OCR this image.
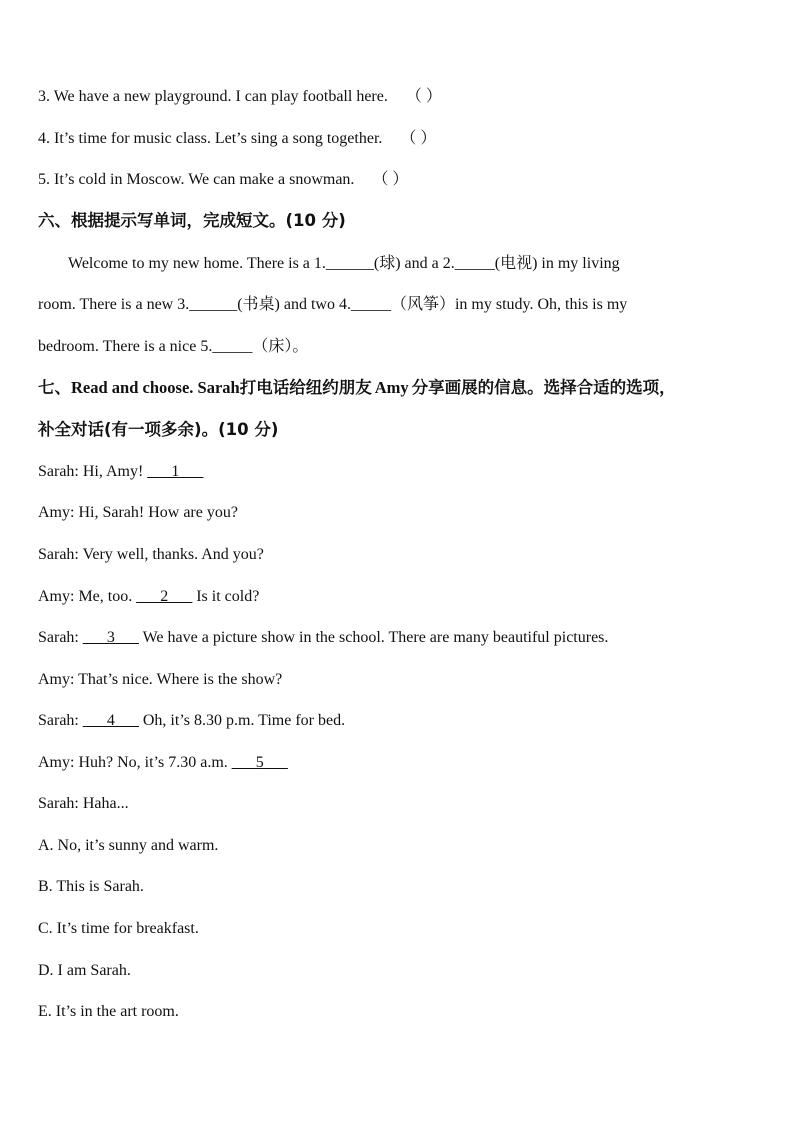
3. We have a new playground. I can play football here. （ ）
4. It’s time for music class. Let’s sing a song together. （ ）
5. It’s cold in Moscow. We can make a snowman. （ ）
六、根据提示写单词，完成短文。(10 分)
Welcome to my new home. There is a 1.______(球) and a 2._____(电视) in my living
room. There is a new 3.______(书桌) and two 4._____（风筝）in my study. Oh, this is my
bedroom. There is a nice 5._____（床）。
七、Read and choose. Sarah打电话给纽约朋友 Amy 分享画展的信息。选择合适的选项，
补全对话(有一项多余)。(10 分)
Sarah: Hi, Amy! ___1___
Amy: Hi, Sarah! How are you?
Sarah: Very well, thanks. And you?
Amy: Me, too. ___2___ Is it cold?
Sarah: ___3___ We have a picture show in the school. There are many beautiful pictures.
Amy: That’s nice. Where is the show?
Sarah: ___4___ Oh, it’s 8.30 p.m. Time for bed.
Amy: Huh? No, it’s 7.30 a.m. ___5___
Sarah: Haha...
A. No, it’s sunny and warm.
B. This is Sarah.
C. It’s time for breakfast.
D. I am Sarah.
E. It’s in the art room.
